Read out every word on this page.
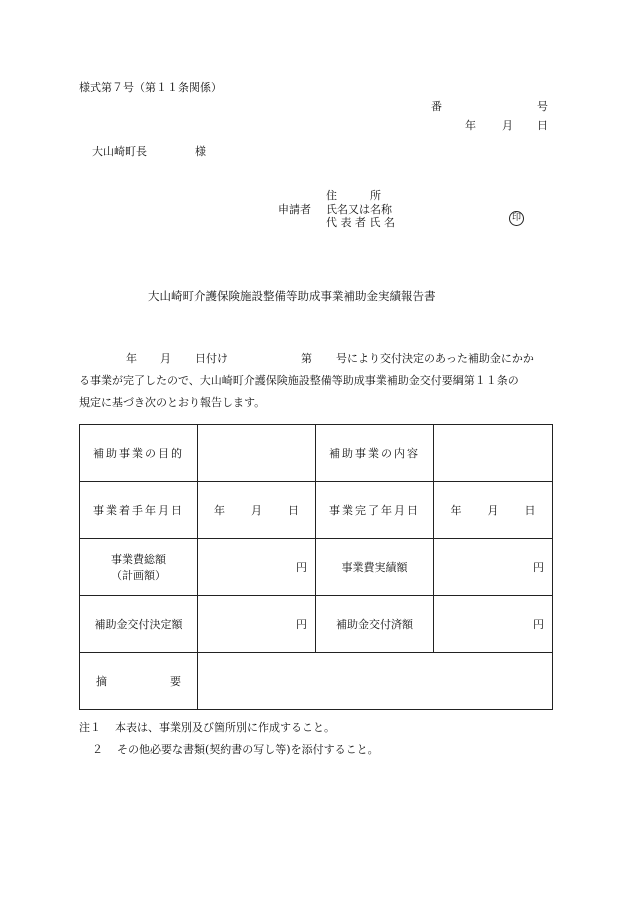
様式第７号（第１１条関係）
番	号
年 月 日
大山崎町長	様
住　　　所
申請者 氏名又は名称
代 表 者 氏 名	印
大山崎町介護保険施設整備等助成事業補助金実績報告書
年 月 日付け	第 号により交付決定のあった補助金にかか
る事業が完了したので、大山崎町介護保険施設整備等助成事業補助金交付要綱第１１条の
規定に基づき次のとおり報告します。
補助事業の目的		補助事業の内容	
事業着手年月日	年 月 日	事業完了年月日	年 月 日

事業費総額
（計画額）	円	事業費実績額	円
補助金交付決定額	円	補助金交付済額	円
摘 要			

注１ 本表は、事業別及び箇所別に作成すること。
２ その他必要な書類(契約書の写し等)を添付すること。
